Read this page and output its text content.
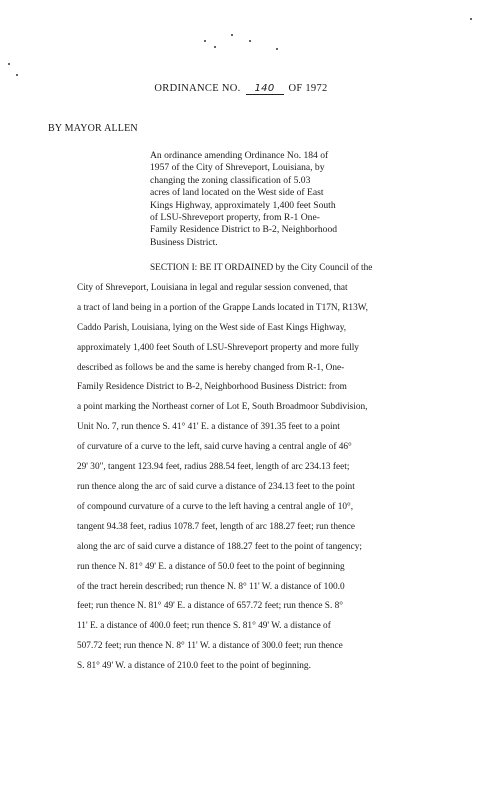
ORDINANCE NO. 140 OF 1972
BY MAYOR ALLEN
An ordinance amending Ordinance No. 184 of
1957 of the City of Shreveport, Louisiana, by
changing the zoning classification of 5.03
acres of land located on the West side of East
Kings Highway, approximately 1,400 feet South
of LSU-Shreveport property, from R-1 One-
Family Residence District to B-2, Neighborhood
Business District.
SECTION I: BE IT ORDAINED by the City Council of the
City of Shreveport, Louisiana in legal and regular session convened, that
a tract of land being in a portion of the Grappe Lands located in T17N, R13W,
Caddo Parish, Louisiana, lying on the West side of East Kings Highway,
approximately 1,400 feet South of LSU-Shreveport property and more fully
described as follows be and the same is hereby changed from R-1, One-
Family Residence District to B-2, Neighborhood Business District: from
a point marking the Northeast corner of Lot E, South Broadmoor Subdivision,
Unit No. 7, run thence S. 41° 41' E. a distance of 391.35 feet to a point
of curvature of a curve to the left, said curve having a central angle of 46°
29' 30", tangent 123.94 feet, radius 288.54 feet, length of arc 234.13 feet;
run thence along the arc of said curve a distance of 234.13 feet to the point
of compound curvature of a curve to the left having a central angle of 10°,
tangent 94.38 feet, radius 1078.7 feet, length of arc 188.27 feet; run thence
along the arc of said curve a distance of 188.27 feet to the point of tangency;
run thence N. 81° 49' E. a distance of 50.0 feet to the point of beginning
of the tract herein described; run thence N. 8° 11' W. a distance of 100.0
feet; run thence N. 81° 49' E. a distance of 657.72 feet; run thence S. 8°
11' E. a distance of 400.0 feet; run thence S. 81° 49' W. a distance of
507.72 feet; run thence N. 8° 11' W. a distance of 300.0 feet; run thence
S. 81° 49' W. a distance of 210.0 feet to the point of beginning.
